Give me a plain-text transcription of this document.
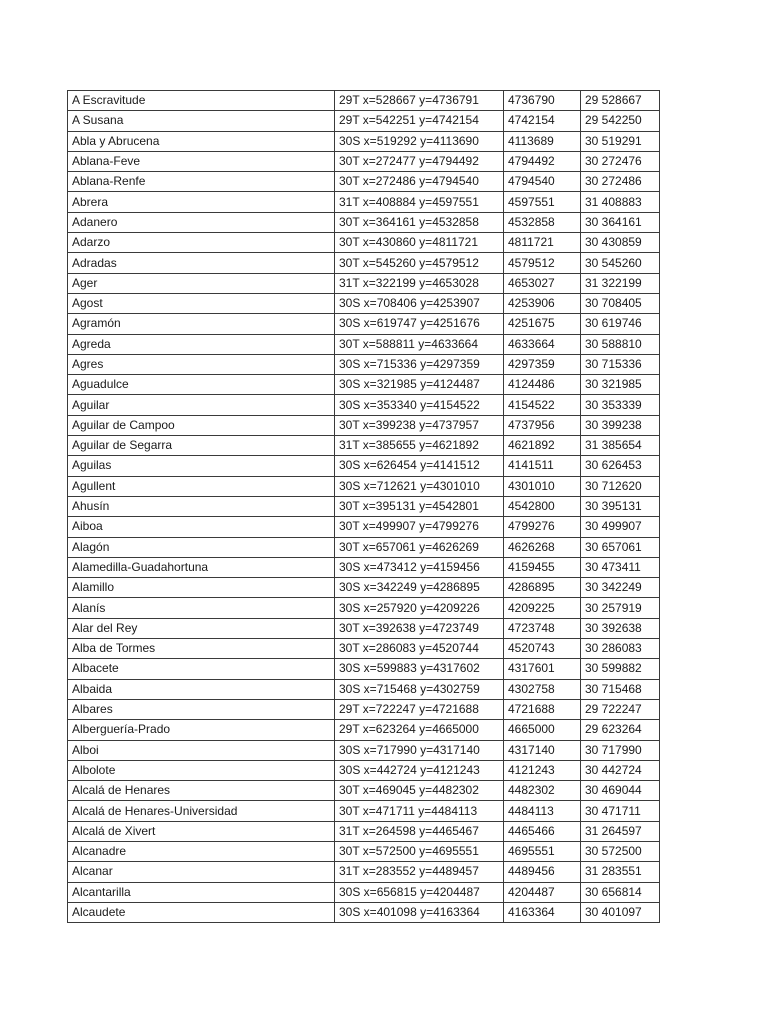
A Escravitude	29T x=528667 y=4736791	4736790	29 528667
A Susana	29T x=542251 y=4742154	4742154	29 542250
Abla y Abrucena	30S x=519292 y=4113690	4113689	30 519291
Ablana-Feve	30T x=272477 y=4794492	4794492	30 272476
Ablana-Renfe	30T x=272486 y=4794540	4794540	30 272486
Abrera	31T x=408884 y=4597551	4597551	31 408883
Adanero	30T x=364161 y=4532858	4532858	30 364161
Adarzo	30T x=430860 y=4811721	4811721	30 430859
Adradas	30T x=545260 y=4579512	4579512	30 545260
Ager	31T x=322199 y=4653028	4653027	31 322199
Agost	30S x=708406 y=4253907	4253906	30 708405
Agramón	30S x=619747 y=4251676	4251675	30 619746
Agreda	30T x=588811 y=4633664	4633664	30 588810
Agres	30S x=715336 y=4297359	4297359	30 715336
Aguadulce	30S x=321985 y=4124487	4124486	30 321985
Aguilar	30S x=353340 y=4154522	4154522	30 353339
Aguilar de Campoo	30T x=399238 y=4737957	4737956	30 399238
Aguilar de Segarra	31T x=385655 y=4621892	4621892	31 385654
Aguilas	30S x=626454 y=4141512	4141511	30 626453
Agullent	30S x=712621 y=4301010	4301010	30 712620
Ahusín	30T x=395131 y=4542801	4542800	30 395131
Aiboa	30T x=499907 y=4799276	4799276	30 499907
Alagón	30T x=657061 y=4626269	4626268	30 657061
Alamedilla-Guadahortuna	30S x=473412 y=4159456	4159455	30 473411
Alamillo	30S x=342249 y=4286895	4286895	30 342249
Alanís	30S x=257920 y=4209226	4209225	30 257919
Alar del Rey	30T x=392638 y=4723749	4723748	30 392638
Alba de Tormes	30T x=286083 y=4520744	4520743	30 286083
Albacete	30S x=599883 y=4317602	4317601	30 599882
Albaida	30S x=715468 y=4302759	4302758	30 715468
Albares	29T x=722247 y=4721688	4721688	29 722247
Alberguería-Prado	29T x=623264 y=4665000	4665000	29 623264
Alboi	30S x=717990 y=4317140	4317140	30 717990
Albolote	30S x=442724 y=4121243	4121243	30 442724
Alcalá de Henares	30T x=469045 y=4482302	4482302	30 469044
Alcalá de Henares-Universidad	30T x=471711 y=4484113	4484113	30 471711
Alcalá de Xivert	31T x=264598 y=4465467	4465466	31 264597
Alcanadre	30T x=572500 y=4695551	4695551	30 572500
Alcanar	31T x=283552 y=4489457	4489456	31 283551
Alcantarilla	30S x=656815 y=4204487	4204487	30 656814
Alcaudete	30S x=401098 y=4163364	4163364	30 401097
